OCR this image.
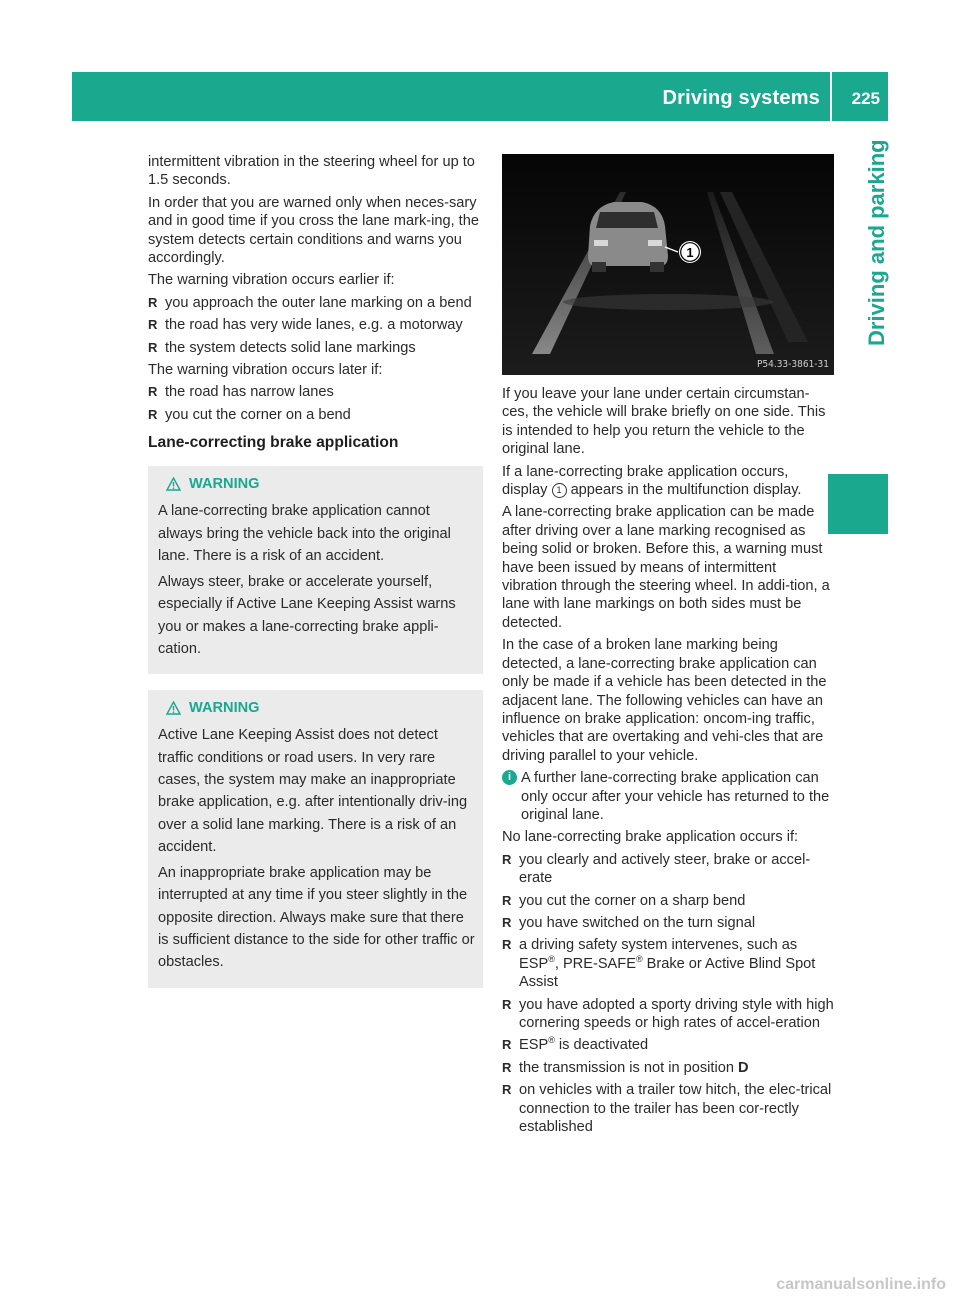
Driving systems 225
Driving and parking

intermittent vibration in the steering wheel for up to 1.5 seconds.

In order that you are warned only when neces-sary and in good time if you cross the lane mark-ing, the system detects certain conditions and warns you accordingly.

The warning vibration occurs earlier if:

R you approach the outer lane marking on a bend
R the road has very wide lanes, e.g. a motorway
R the system detects solid lane markings

The warning vibration occurs later if:

R the road has narrow lanes
R you cut the corner on a bend
Lane-correcting brake application
WARNING

A lane-correcting brake application cannot always bring the vehicle back into the original lane. There is a risk of an accident.

Always steer, brake or accelerate yourself, especially if Active Lane Keeping Assist warns you or makes a lane-correcting brake appli-cation.

WARNING

Active Lane Keeping Assist does not detect traffic conditions or road users. In very rare cases, the system may make an inappropriate brake application, e.g. after intentionally driv-ing over a solid lane marking. There is a risk of an accident.

An inappropriate brake application may be interrupted at any time if you steer slightly in the opposite direction. Always make sure that there is sufficient distance to the side for other traffic or obstacles.

1
P54.33-3861-31

If you leave your lane under certain circumstan-ces, the vehicle will brake briefly on one side. This is intended to help you return the vehicle to the original lane.

If a lane-correcting brake application occurs, display 1 appears in the multifunction display.

A lane-correcting brake application can be made after driving over a lane marking recognised as being solid or broken. Before this, a warning must have been issued by means of intermittent vibration through the steering wheel. In addi-tion, a lane with lane markings on both sides must be detected.

In the case of a broken lane marking being detected, a lane-correcting brake application can only be made if a vehicle has been detected in the adjacent lane. The following vehicles can have an influence on brake application: oncom-ing traffic, vehicles that are overtaking and vehi-cles that are driving parallel to your vehicle.

i A further lane-correcting brake application can only occur after your vehicle has returned to the original lane.

No lane-correcting brake application occurs if:

R you clearly and actively steer, brake or accel-erate
R you cut the corner on a sharp bend
R you have switched on the turn signal
R a driving safety system intervenes, such as ESP®, PRE-SAFE® Brake or Active Blind Spot Assist
R you have adopted a sporty driving style with high cornering speeds or high rates of accel-eration
R ESP® is deactivated
R the transmission is not in position D
R on vehicles with a trailer tow hitch, the elec-trical connection to the trailer has been cor-rectly established
carmanualsonline.info
